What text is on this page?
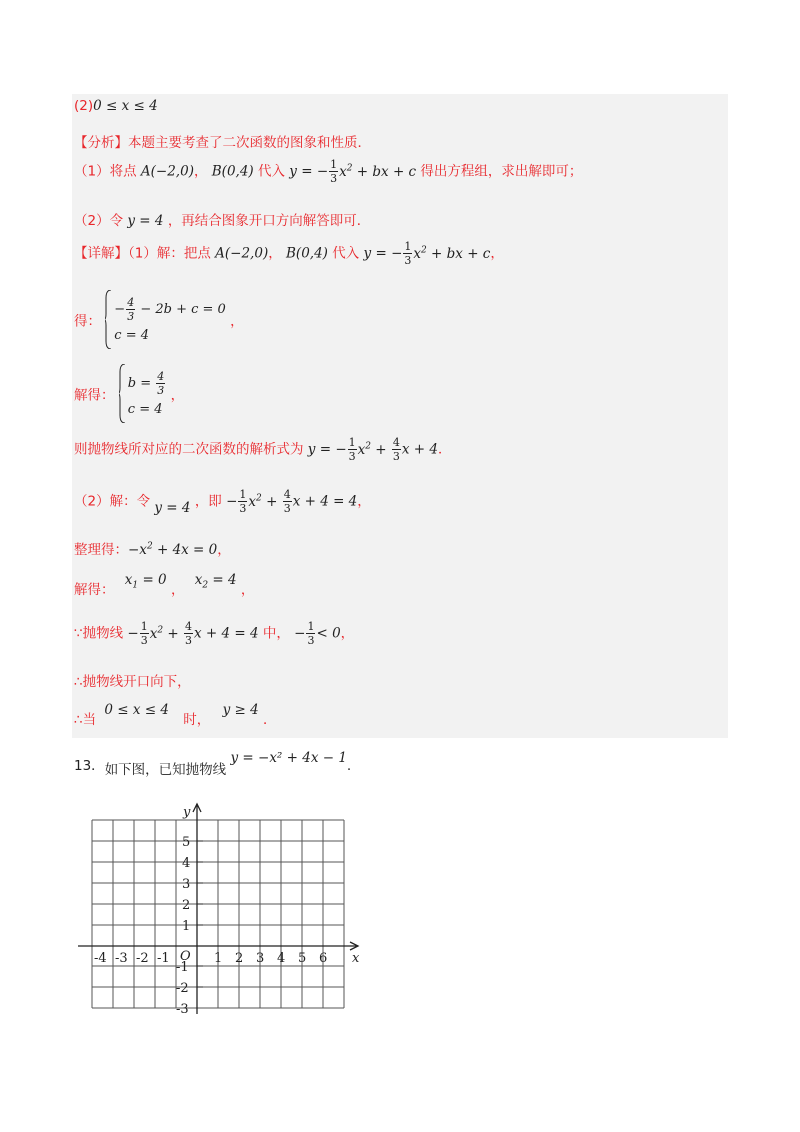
(2)0 ≤ x ≤ 4
【分析】本题主要考查了二次函数的图象和性质．
（1）将点 A(−2,0)， B(0,4) 代入 y = − $\frac{1}{3} x^2$ + bx + c 得出方程组，求出解即可；
（2）令 y = 4 ，再结合图象开口方向解答即可．
【详解】（1）解：把点 A(−2,0)， B(0,4) 代入 y = − $\frac{1}{3} x^2$ + bx + c，
得：
− $\frac{4}{3} - 2b + c = 0$
c = 4
，
解得：
$b = \frac{4}{3}$
c = 4
，
则抛物线所对应的二次函数的解析式为 y = − $\frac{1}{3} x^2 + \frac{4}{3}$ x + 4．
（2）解：令 y = 4 ，即 − $\frac{1}{3} x^2 + \frac{4}{3}$ x + 4 = 4，
整理得：$-x^2 + 4x = 0$，
解得： $x_1 = 0$ ， $x_2 = 4$ ，
∵抛物线 − $\frac{1}{3} x^2 + \frac{4}{3}$ x + 4 = 4 中， − $\frac{1}{3} < 0$，
∴抛物线开口向下，
∴当 0 ≤ x ≤ 4 时， y ≥ 4 ．
13．如下图，已知抛物线 y = −x² + 4x − 1.
-4 -3 -2 -1 O 1 2 3 4 5 6 x
y
5
4
3
2
1
-1
-2
-3
